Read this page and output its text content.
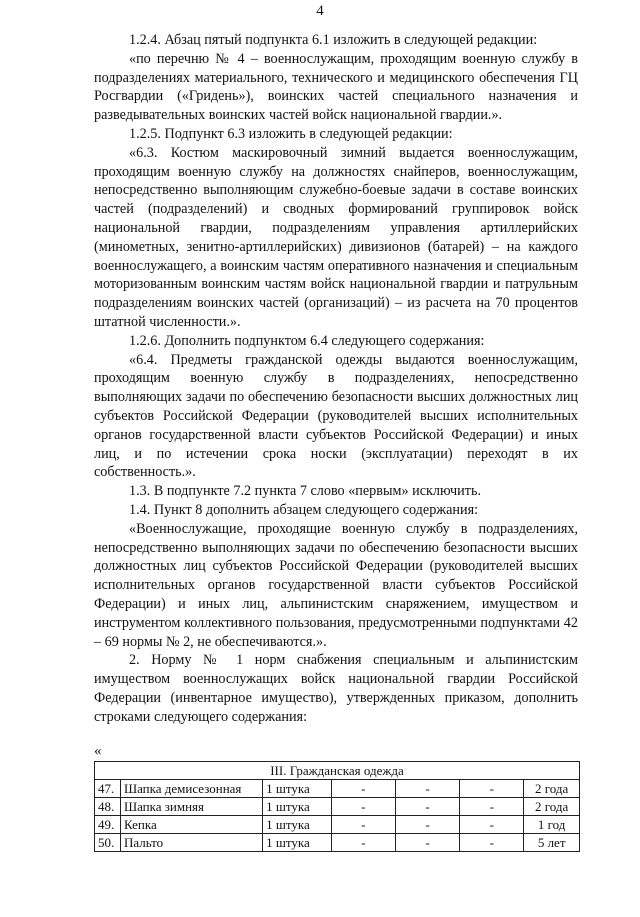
4

1.2.4. Абзац пятый подпункта 6.1 изложить в следующей редакции:

«по перечню № 4 – военнослужащим, проходящим военную службу в подразделениях материального, технического и медицинского обеспечения ГЦ Росгвардии («Гридень»), воинских частей специального назначения и разведывательных воинских частей войск национальной гвардии.».

1.2.5. Подпункт 6.3 изложить в следующей редакции:

«6.3. Костюм маскировочный зимний выдается военнослужащим, проходящим военную службу на должностях снайперов, военнослужащим, непосредственно выполняющим служебно-боевые задачи в составе воинских частей (подразделений) и сводных формирований группировок войск национальной гвардии, подразделениям управления артиллерийских (минометных, зенитно-артиллерийских) дивизионов (батарей) – на каждого военнослужащего, а воинским частям оперативного назначения и специальным моторизованным воинским частям войск национальной гвардии и патрульным подразделениям воинских частей (организаций) – из расчета на 70 процентов штатной численности.».

1.2.6. Дополнить подпунктом 6.4 следующего содержания:

«6.4. Предметы гражданской одежды выдаются военнослужащим, проходящим военную службу в подразделениях, непосредственно выполняющих задачи по обеспечению безопасности высших должностных лиц субъектов Российской Федерации (руководителей высших исполнительных органов государственной власти субъектов Российской Федерации) и иных лиц, и по истечении срока носки (эксплуатации) переходят в их собственность.».

1.3. В подпункте 7.2 пункта 7 слово «первым» исключить.

1.4. Пункт 8 дополнить абзацем следующего содержания:

«Военнослужащие, проходящие военную службу в подразделениях, непосредственно выполняющих задачи по обеспечению безопасности высших должностных лиц субъектов Российской Федерации (руководителей высших исполнительных органов государственной власти субъектов Российской Федерации) и иных лиц, альпинистским снаряжением, имуществом и инструментом коллективного пользования, предусмотренными подпунктами 42 – 69 нормы № 2, не обеспечиваются.».

2. Норму № 1 норм снабжения специальным и альпинистским имуществом военнослужащих войск национальной гвардии Российской Федерации (инвентарное имущество), утвержденных приказом, дополнить строками следующего содержания:

«
III. Гражданская одежда						
47.	Шапка демисезонная	1 штука	-	-	-	2 года
48.	Шапка зимняя	1 штука	-	-	-	2 года
49.	Кепка	1 штука	-	-	-	1 год
50.	Пальто	1 штука	-	-	-	5 лет
